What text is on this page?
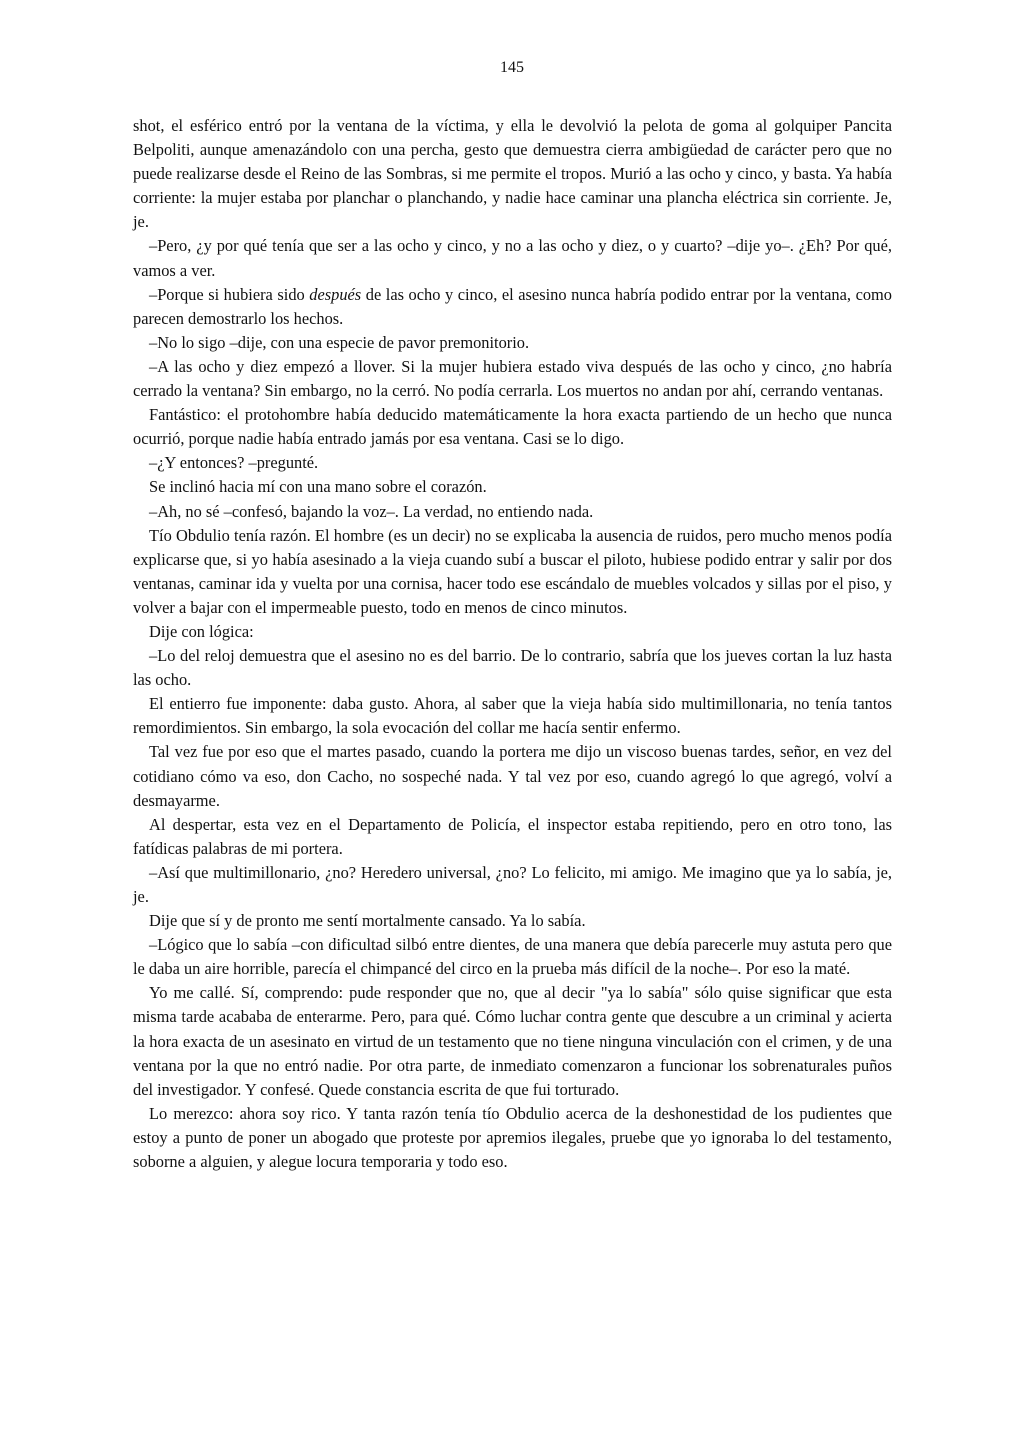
145

shot, el esférico entró por la ventana de la víctima, y ella le devolvió la pelota de goma al golquiper Pancita Belpoliti, aunque amenazándolo con una percha, gesto que demuestra cierra ambigüedad de carácter pero que no puede realizarse desde el Reino de las Sombras, si me permite el tropos. Murió a las ocho y cinco, y basta. Ya había corriente: la mujer estaba por planchar o planchando, y nadie hace caminar una plancha eléctrica sin corriente. Je, je.

–Pero, ¿y por qué tenía que ser a las ocho y cinco, y no a las ocho y diez, o y cuarto? –dije yo–. ¿Eh? Por qué, vamos a ver.

–Porque si hubiera sido después de las ocho y cinco, el asesino nunca habría podido entrar por la ventana, como parecen demostrarlo los hechos.

–No lo sigo –dije, con una especie de pavor premonitorio.

–A las ocho y diez empezó a llover. Si la mujer hubiera estado viva después de las ocho y cinco, ¿no habría cerrado la ventana? Sin embargo, no la cerró. No podía cerrarla. Los muertos no andan por ahí, cerrando ventanas.

Fantástico: el protohombre había deducido matemáticamente la hora exacta partiendo de un hecho que nunca ocurrió, porque nadie había entrado jamás por esa ventana. Casi se lo digo.

–¿Y entonces? –pregunté.

Se inclinó hacia mí con una mano sobre el corazón.

–Ah, no sé –confesó, bajando la voz–. La verdad, no entiendo nada.

Tío Obdulio tenía razón. El hombre (es un decir) no se explicaba la ausencia de ruidos, pero mucho menos podía explicarse que, si yo había asesinado a la vieja cuando subí a buscar el piloto, hubiese podido entrar y salir por dos ventanas, caminar ida y vuelta por una cornisa, hacer todo ese escándalo de muebles volcados y sillas por el piso, y volver a bajar con el impermeable puesto, todo en menos de cinco minutos.

Dije con lógica:

–Lo del reloj demuestra que el asesino no es del barrio. De lo contrario, sabría que los jueves cortan la luz hasta las ocho.

El entierro fue imponente: daba gusto. Ahora, al saber que la vieja había sido multimillonaria, no tenía tantos remordimientos. Sin embargo, la sola evocación del collar me hacía sentir enfermo.

Tal vez fue por eso que el martes pasado, cuando la portera me dijo un viscoso buenas tardes, señor, en vez del cotidiano cómo va eso, don Cacho, no sospeché nada. Y tal vez por eso, cuando agregó lo que agregó, volví a desmayarme.

Al despertar, esta vez en el Departamento de Policía, el inspector estaba repitiendo, pero en otro tono, las fatídicas palabras de mi portera.

–Así que multimillonario, ¿no? Heredero universal, ¿no? Lo felicito, mi amigo. Me imagino que ya lo sabía, je, je.

Dije que sí y de pronto me sentí mortalmente cansado. Ya lo sabía.

–Lógico que lo sabía –con dificultad silbó entre dientes, de una manera que debía parecerle muy astuta pero que le daba un aire horrible, parecía el chimpancé del circo en la prueba más difícil de la noche–. Por eso la maté.

Yo me callé. Sí, comprendo: pude responder que no, que al decir "ya lo sabía" sólo quise significar que esta misma tarde acababa de enterarme. Pero, para qué. Cómo luchar contra gente que descubre a un criminal y acierta la hora exacta de un asesinato en virtud de un testamento que no tiene ninguna vinculación con el crimen, y de una ventana por la que no entró nadie. Por otra parte, de inmediato comenzaron a funcionar los sobrenaturales puños del investigador. Y confesé. Quede constancia escrita de que fui torturado.

Lo merezco: ahora soy rico. Y tanta razón tenía tío Obdulio acerca de la deshonestidad de los pudientes que estoy a punto de poner un abogado que proteste por apremios ilegales, pruebe que yo ignoraba lo del testamento, soborne a alguien, y alegue locura temporaria y todo eso.
